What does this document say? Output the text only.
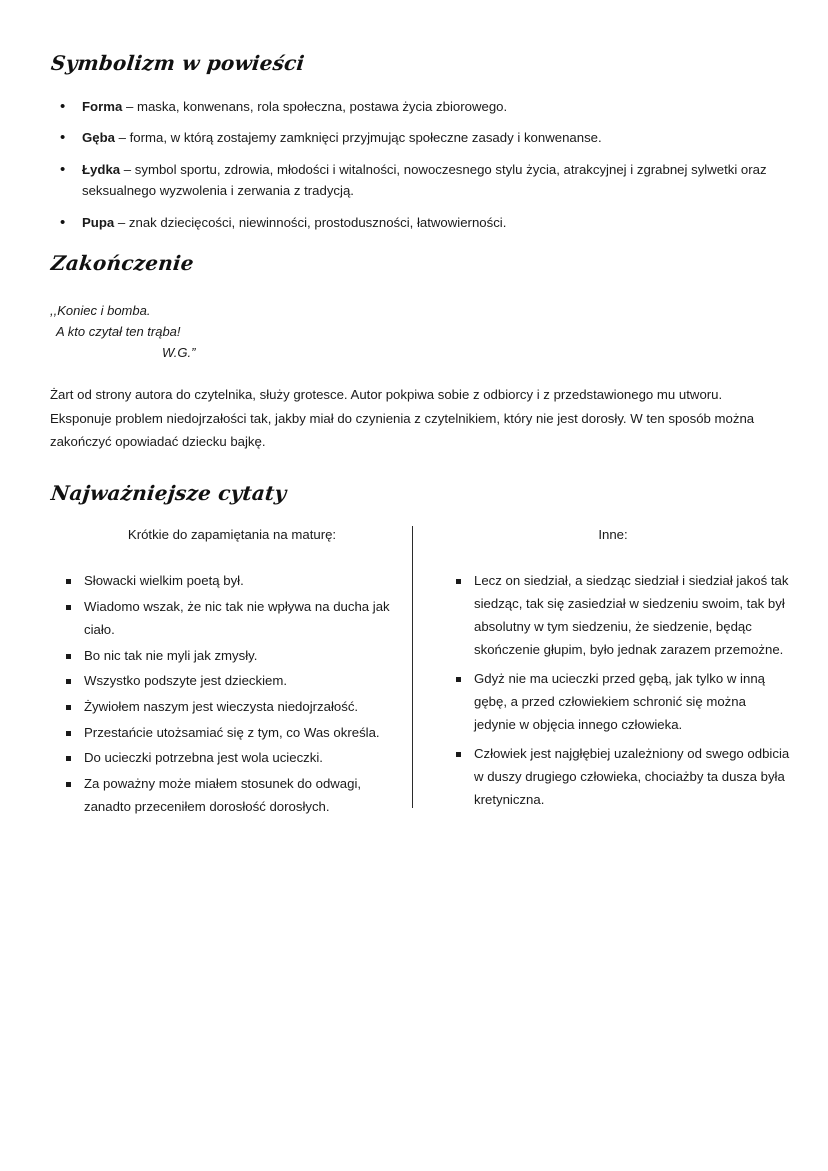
Symbolizm w powieści
• Forma – maska, konwenans, rola społeczna, postawa życia zbiorowego.
• Gęba – forma, w którą zostajemy zamknięci przyjmując społeczne zasady i konwenanse.
• Łydka – symbol sportu, zdrowia, młodości i witalności, nowoczesnego stylu życia, atrakcyjnej i zgrabnej sylwetki oraz seksualnego wyzwolenia i zerwania z tradycją.
• Pupa – znak dziecięcości, niewinności, prostoduszności, łatwowierności.
Zakończenie
,,Koniec i bomba.
A kto czytał ten trąba!
W.G.”

Żart od strony autora do czytelnika, służy grotesce. Autor pokpiwa sobie z odbiorcy i z przedstawionego mu utworu. Eksponuje problem niedojrzałości tak, jakby miał do czynienia z czytelnikiem, który nie jest dorosły. W ten sposób można zakończyć opowiadać dziecku bajkę.

Najważniejsze cytaty
Krótkie do zapamiętania na maturę:
Słowacki wielkim poetą był.
Wiadomo wszak, że nic tak nie wpływa na ducha jak ciało.
Bo nic tak nie myli jak zmysły.
Wszystko podszyte jest dzieckiem.
Żywiołem naszym jest wieczysta niedojrzałość.
Przestańcie utożsamiać się z tym, co Was określa.
Do ucieczki potrzebna jest wola ucieczki.
Za poważny może miałem stosunek do odwagi, zanadto przeceniłem dorosłość dorosłych.
Inne:
Lecz on siedział, a siedząc siedział i siedział jakoś tak siedząc, tak się zasiedział w siedzeniu swoim, tak był absolutny w tym siedzeniu, że siedzenie, będąc skończenie głupim, było jednak zarazem przemożne.
Gdyż nie ma ucieczki przed gębą, jak tylko w inną gębę, a przed człowiekiem schronić się można jedynie w objęcia innego człowieka.
Człowiek jest najgłębiej uzależniony od swego odbicia w duszy drugiego człowieka, chociażby ta dusza była kretyniczna.
